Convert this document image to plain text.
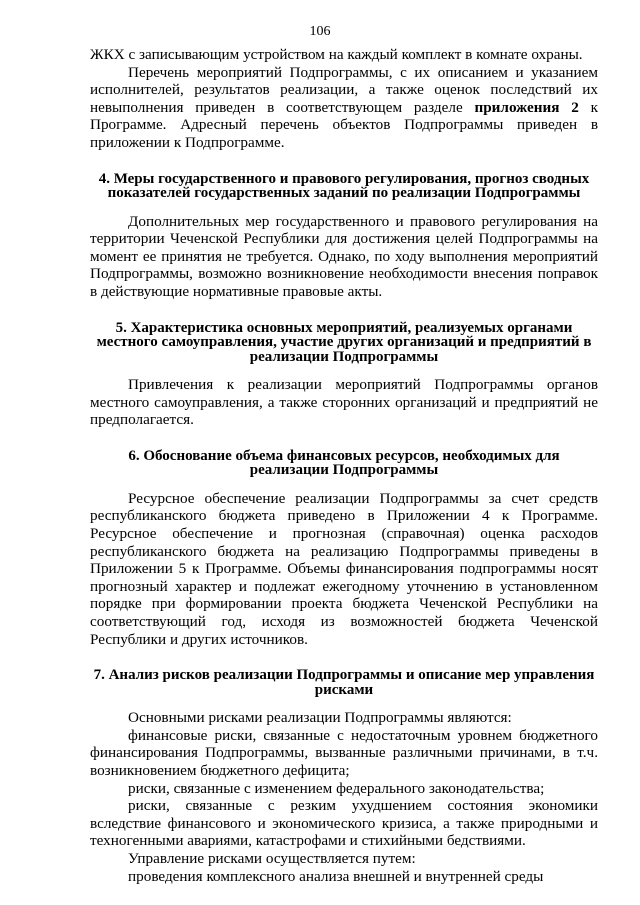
106

ЖКХ с записывающим устройством на каждый комплект в комнате охраны.

Перечень мероприятий Подпрограммы, с их описанием и указанием исполнителей, результатов реализации, а также оценок последствий их невыполнения приведен в соответствующем разделе приложения 2 к Программе. Адресный перечень объектов Подпрограммы приведен в приложении к Подпрограмме.

4. Меры государственного и правового регулирования, прогноз сводных показателей государственных заданий по реализации Подпрограммы

Дополнительных мер государственного и правового регулирования на территории Чеченской Республики для достижения целей Подпрограммы на момент ее принятия не требуется. Однако, по ходу выполнения мероприятий Подпрограммы, возможно возникновение необходимости внесения поправок в действующие нормативные правовые акты.

5. Характеристика основных мероприятий, реализуемых органами местного самоуправления, участие других организаций и предприятий в реализации Подпрограммы

Привлечения к реализации мероприятий Подпрограммы органов местного самоуправления, а также сторонних организаций и предприятий не предполагается.

6. Обоснование объема финансовых ресурсов, необходимых для реализации Подпрограммы

Ресурсное обеспечение реализации Подпрограммы за счет средств республиканского бюджета приведено в Приложении 4 к Программе. Ресурсное обеспечение и прогнозная (справочная) оценка расходов республиканского бюджета на реализацию Подпрограммы приведены в Приложении 5 к Программе. Объемы финансирования подпрограммы носят прогнозный характер и подлежат ежегодному уточнению в установленном порядке при формировании проекта бюджета Чеченской Республики на соответствующий год, исходя из возможностей бюджета Чеченской Республики и других источников.

7. Анализ рисков реализации Подпрограммы и описание мер управления рисками

Основными рисками реализации Подпрограммы являются:

финансовые риски, связанные с недостаточным уровнем бюджетного финансирования Подпрограммы, вызванные различными причинами, в т.ч. возникновением бюджетного дефицита;

риски, связанные с изменением федерального законодательства;

риски, связанные с резким ухудшением состояния экономики вследствие финансового и экономического кризиса, а также природными и техногенными авариями, катастрофами и стихийными бедствиями.

Управление рисками осуществляется путем:

проведения комплексного анализа внешней и внутренней среды
